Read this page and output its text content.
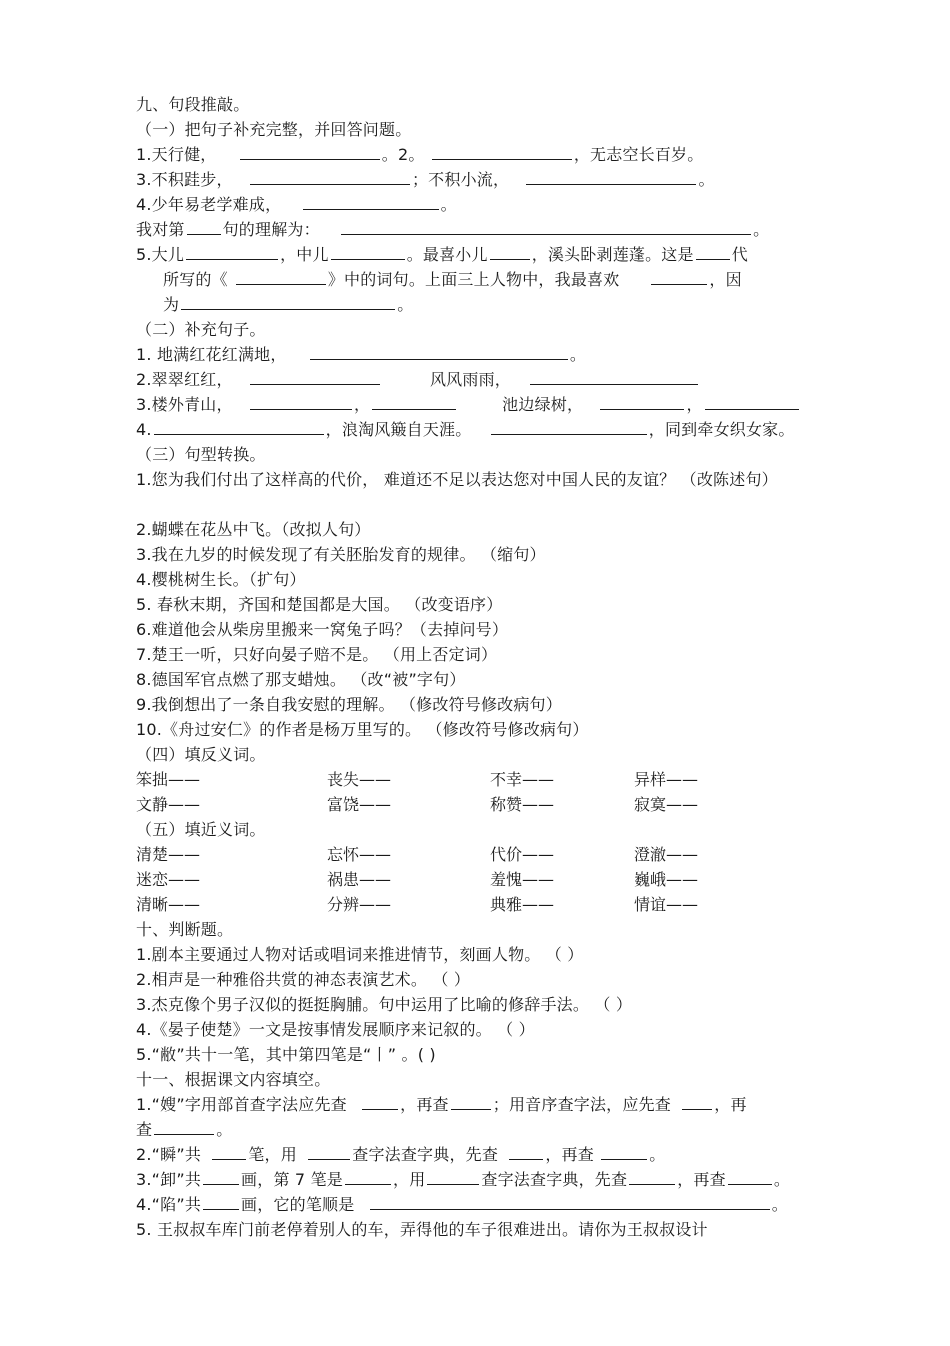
九、句段推敲。
（一）把句子补充完整，并回答问题。
1.天行健，	。2。	，无志空长百岁。
3.不积跬步，	；不积小流，	。
4.少年易老学难成，	。
我对第 句的理解为：	。
5.大儿	，中儿	。最喜小儿	，溪头卧剥莲蓬。这是 代
所写的《	》中的词句。上面三上人物中，我最喜欢	，因
为	。
（二）补充句子。
1. 地满红花红满地，	。
2.翠翠红红，	风风雨雨，
3.楼外青山，	，	池边绿树，	，
4.	，浪淘风簸自天涯。	，同到牵女织女家。
（三）句型转换。
1.您为我们付出了这样高的代价， 难道还不足以表达您对中国人民的友谊？ （改陈述句）
2.蝴蝶在花丛中飞。（改拟人句）
3.我在九岁的时候发现了有关胚胎发育的规律。 （缩句）
4.樱桃树生长。（扩句）
5. 春秋末期，齐国和楚国都是大国。 （改变语序）
6.难道他会从柴房里搬来一窝兔子吗？（去掉问号）
7.楚王一听，只好向晏子赔不是。 （用上否定词）
8.德国军官点燃了那支蜡烛。 （改“被”字句）
9.我倒想出了一条自我安慰的理解。 （修改符号修改病句）
10.《舟过安仁》的作者是杨万里写的。 （修改符号修改病句）
（四）填反义词。
笨拙——	丧失——	不幸——	异样——
文静——	富饶——	称赞——	寂寞——
（五）填近义词。
清楚——	忘怀——	代价——	澄澈——
迷恋——	祸患——	羞愧——	巍峨——
清晰——	分辨——	典雅——	情谊——
十、判断题。
1.剧本主要通过人物对话或唱词来推进情节，刻画人物。 （ ）
2.相声是一种雅俗共赏的神态表演艺术。 （ ）
3.杰克像个男子汉似的挺挺胸脯。句中运用了比喻的修辞手法。 （ ）
4.《晏子使楚》一文是按事情发展顺序来记叙的。 （ ）
5.“敝”共十一笔，其中第四笔是“丨” 。( )
十一、根据课文内容填空。
1.“嫂”字用部首查字法应先查	，再查	；用音序查字法，应先查	，再
查	。
2.“瞬”共	笔，用	查字法查字典，先查	，再查	。
3.“卸”共	画，第 7 笔是	，用	查字法查字典，先查	，再查	。
4.“陷”共	画，它的笔顺是	。
5. 王叔叔车库门前老停着别人的车，弄得他的车子很难进出。请你为王叔叔设计
